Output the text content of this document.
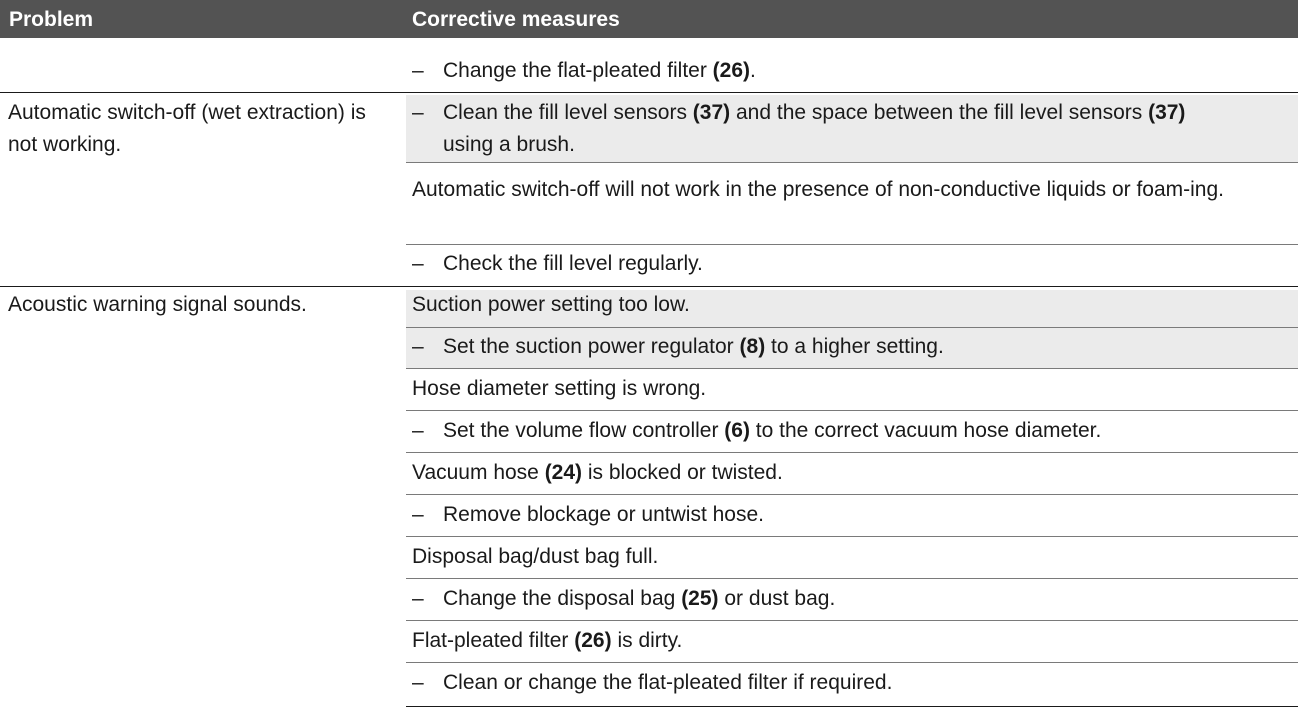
Problem	Corrective measures
– Change the flat-pleated filter (26).
Automatic switch-off (wet extraction) is not working.
– Clean the fill level sensors (37) and the space between the fill level sensors (37)
using a brush.
Automatic switch-off will not work in the presence of non-conductive liquids or foam-ing.
– Check the fill level regularly.
Acoustic warning signal sounds.	Suction power setting too low.
– Set the suction power regulator (8) to a higher setting.
Hose diameter setting is wrong.
– Set the volume flow controller (6) to the correct vacuum hose diameter.
Vacuum hose (24) is blocked or twisted.
– Remove blockage or untwist hose.
Disposal bag/dust bag full.
– Change the disposal bag (25) or dust bag.
Flat-pleated filter (26) is dirty.
– Clean or change the flat-pleated filter if required.
